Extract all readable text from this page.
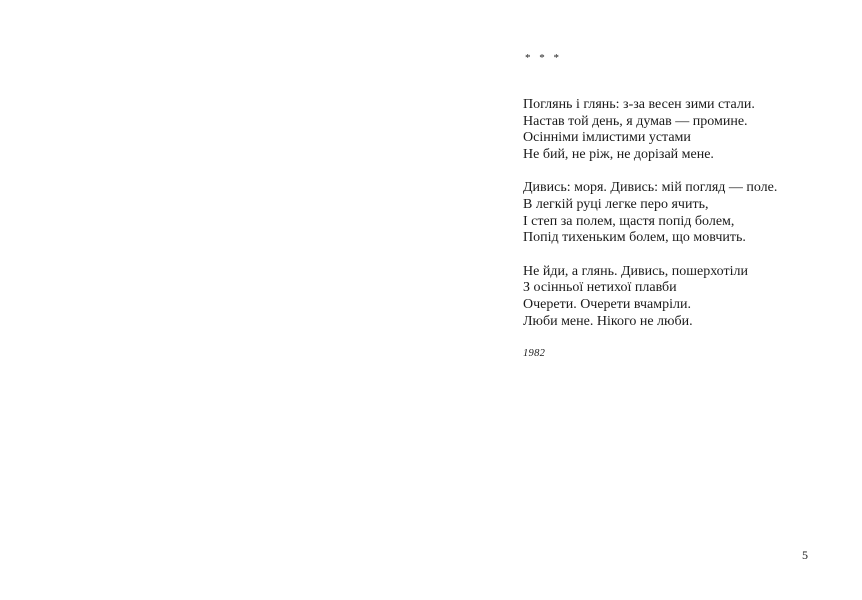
* * *
Поглянь і глянь: з-за весен зими стали.
Настав той день, я думав — промине.
Осінніми імлистими устами
Не бий, не ріж, не дорізай мене.
Дивись: моря. Дивись: мій погляд — поле.
В легкій руці легке перо ячить,
І степ за полем, щастя попід болем,
Попід тихеньким болем, що мовчить.
Не йди, а глянь. Дивись, пошерхотіли
З осінньої нетихої плавби
Очерети. Очерети вчамріли.
Люби мене. Нікого не люби.
1982
5
